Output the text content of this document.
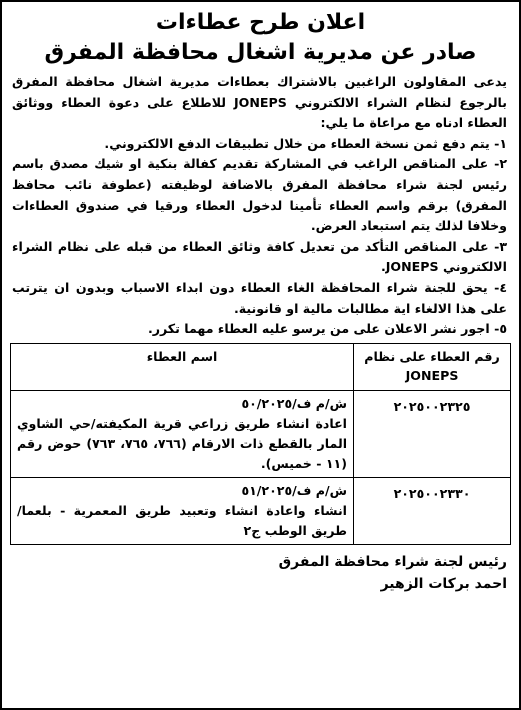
اعلان طرح عطاءات
صادر عن مديرية اشغال محافظة المفرق

يدعى المقاولون الراغبين بالاشتراك بعطاءات مديرية اشغال محافظة المفرق بالرجوع لنظام الشراء الالكتروني JONEPS للاطلاع على دعوة العطاء ووثائق العطاء ادناه مع مراعاة ما يلي:

١- يتم دفع ثمن نسخة العطاء من خلال تطبيقات الدفع الالكتروني.

٢- على المناقص الراغب في المشاركة تقديم كفالة بنكية او شيك مصدق باسم رئيس لجنة شراء محافظة المفرق بالاضافة لوظيفته (عطوفة نائب محافظ المفرق) برقم واسم العطاء تأمينا لدخول العطاء ورقيا في صندوق العطاءات وخلافا لذلك يتم استبعاد العرض.

٣- على المناقص التأكد من تعديل كافة وثائق العطاء من قبله على نظام الشراء الالكتروني JONEPS.

٤- يحق للجنة شراء المحافظة الغاء العطاء دون ابداء الاسباب وبدون ان يترتب على هذا الالغاء اية مطالبات مالية او قانونية.

٥- اجور نشر الاعلان على من يرسو عليه العطاء مهما تكرر.

رقم العطاء على نظام JONEPS	اسم العطاء
٢٠٢٥٠٠٢٣٢٥	ش/م ف/٥٠/٢٠٢٥
اعادة انشاء طريق زراعي قرية المكيفته/حي الشاوي المار بالقطع ذات الارقام (٧٦٦، ٧٦٥، ٧٦٣) حوض رقم (١١ - خميس).
٢٠٢٥٠٠٢٣٣٠	ش/م ف/٥١/٢٠٢٥
انشاء واعادة انشاء وتعبيد طريق المعمرية - بلعما/طريق الوطب ج٢
رئيس لجنة شراء محافظة المفرق
احمد بركات الزهير
